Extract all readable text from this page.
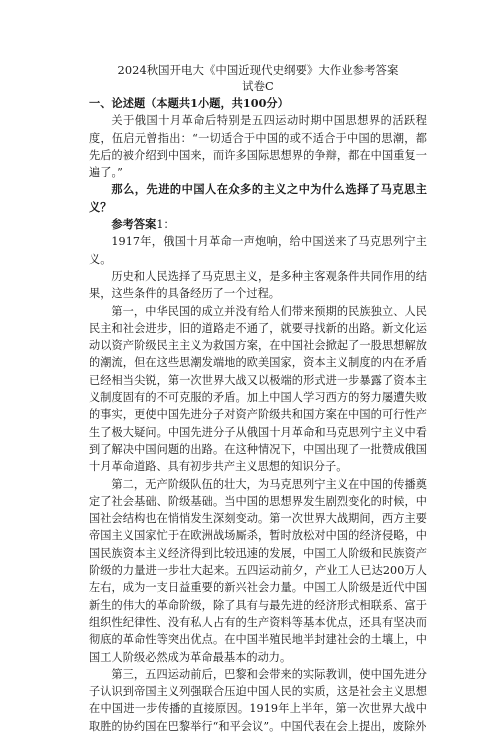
2024秋国开电大《中国近现代史纲要》大作业参考答案
试卷C
一、论述题（本题共1小题，共100分）

关于俄国十月革命后特别是五四运动时期中国思想界的活跃程度，伍启元曾指出：“一切适合于中国的或不适合于中国的思潮，都先后的被介绍到中国来，而许多国际思想界的争辩，都在中国重复一遍了。”

那么，先进的中国人在众多的主义之中为什么选择了马克思主义？

参考答案1：

1917年，俄国十月革命一声炮响，给中国送来了马克思列宁主义。

历史和人民选择了马克思主义，是多种主客观条件共同作用的结果，这些条件的具备经历了一个过程。

第一，中华民国的成立并没有给人们带来预期的民族独立、人民民主和社会进步，旧的道路走不通了，就要寻找新的出路。新文化运动以资产阶级民主主义为救国方案，在中国社会掀起了一股思想解放的潮流，但在这些思潮发端地的欧美国家，资本主义制度的内在矛盾已经相当尖锐，第一次世界大战又以极端的形式进一步暴露了资本主义制度固有的不可克服的矛盾。加上中国人学习西方的努力屡遭失败的事实，更使中国先进分子对资产阶级共和国方案在中国的可行性产生了极大疑问。中国先进分子从俄国十月革命和马克思列宁主义中看到了解决中国问题的出路。在这种情况下，中国出现了一批赞成俄国十月革命道路、具有初步共产主义思想的知识分子。

第二，无产阶级队伍的壮大，为马克思列宁主义在中国的传播奠定了社会基础、阶级基础。当中国的思想界发生剧烈变化的时候，中国社会结构也在悄悄发生深刻变动。第一次世界大战期间，西方主要帝国主义国家忙于在欧洲战场厮杀，暂时放松对中国的经济侵略，中国民族资本主义经济得到比较迅速的发展，中国工人阶级和民族资产阶级的力量进一步壮大起来。五四运动前夕，产业工人已达200万人左右，成为一支日益重要的新兴社会力量。中国工人阶级是近代中国新生的伟大的革命阶级，除了具有与最先进的经济形式相联系、富于组织性纪律性、没有私人占有的生产资料等基本优点，还具有坚决而彻底的革命性等突出优点。在中国半殖民地半封建社会的土壤上，中国工人阶级必然成为革命最基本的动力。

第三，五四运动前后，巴黎和会带来的实际教训，使中国先进分子认识到帝国主义列强联合压迫中国人民的实质，这是社会主义思想在中国进一步传播的直接原因。1919年上半年，第一次世界大战中取胜的协约国在巴黎举行“和平会议”。中国代表在会上提出，废除外
